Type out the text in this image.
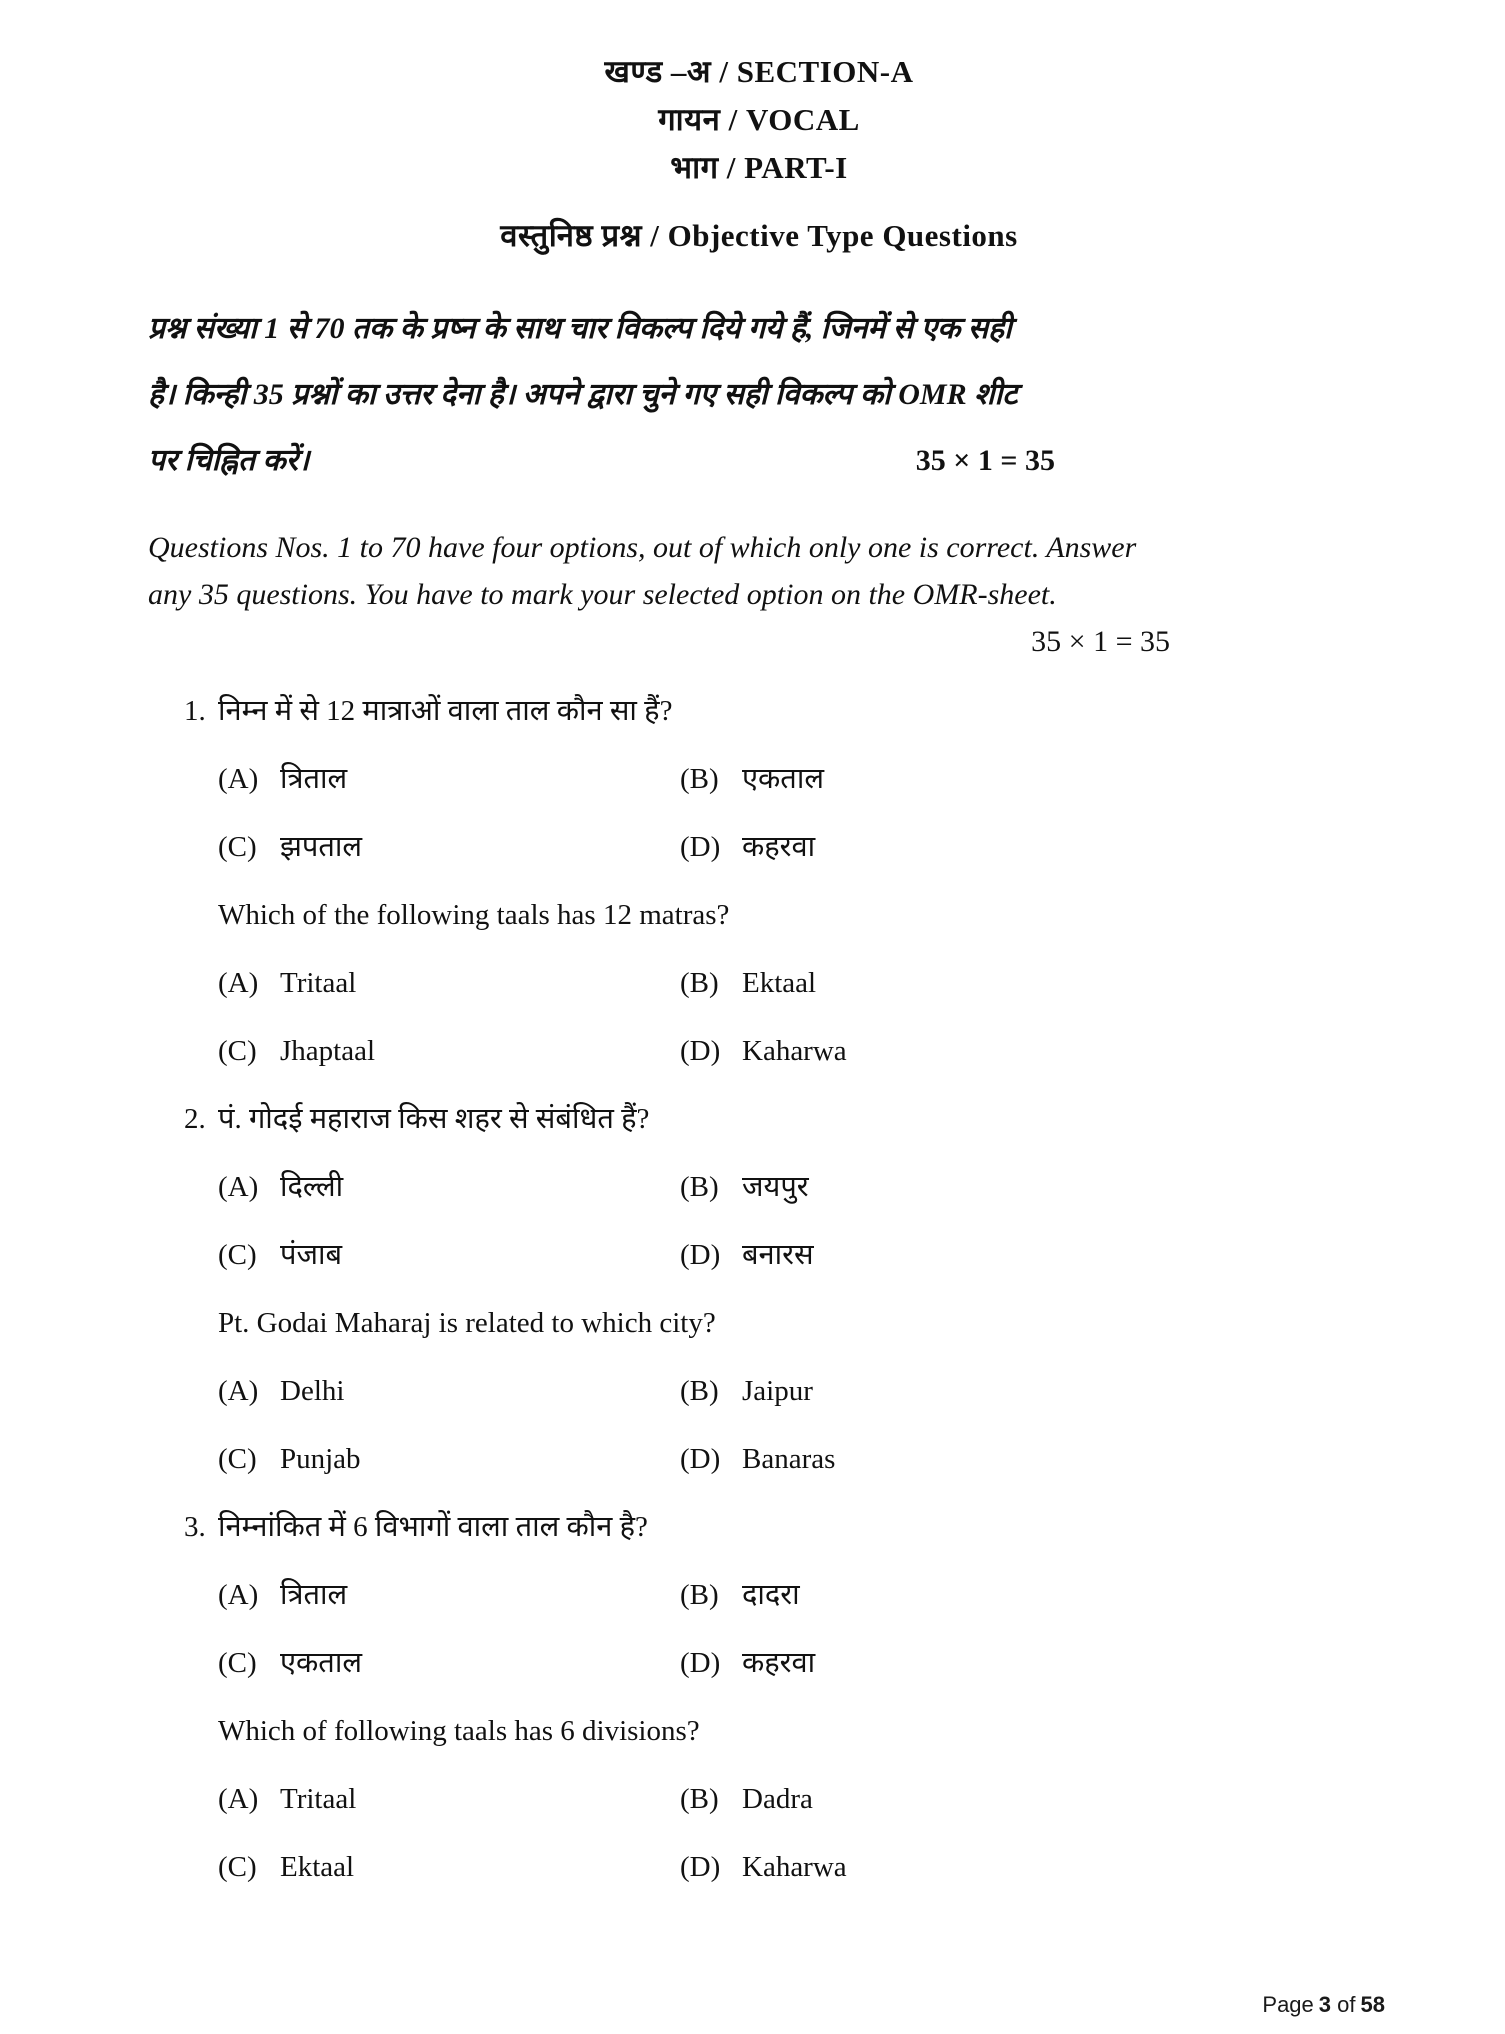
खण्ड –अ / SECTION-A
गायन / VOCAL
भाग / PART-I
वस्तुनिष्ठ प्रश्न / Objective Type Questions
प्रश्न संख्या 1 से 70 तक के प्रष्न के साथ चार विकल्प दिये गये हैं, जिनमें से एक सही
है। किन्ही 35 प्रश्नों का उत्तर देना है। अपने द्वारा चुने गए सही विकल्प को OMR शीट
पर चिह्नित करें।	35 × 1 = 35
Questions Nos. 1 to 70 have four options, out of which only one is correct. Answer
any 35 questions. You have to mark your selected option on the OMR-sheet.
35 × 1 = 35
1. निम्न में से 12 मात्राओं वाला ताल कौन सा हैं?
(A) त्रिताल	(B) एकताल
(C) झपताल	(D) कहरवा
Which of the following taals has 12 matras?
(A) Tritaal	(B) Ektaal
(C) Jhaptaal	(D) Kaharwa
2. पं. गोदई महाराज किस शहर से संबंधित हैं?
(A) दिल्ली	(B) जयपुर
(C) पंजाब	(D) बनारस
Pt. Godai Maharaj is related to which city?
(A) Delhi	(B) Jaipur
(C) Punjab	(D) Banaras
3. निम्नांकित में 6 विभागों वाला ताल कौन है?
(A) त्रिताल	(B) दादरा
(C) एकताल	(D) कहरवा
Which of following taals has 6 divisions?
(A) Tritaal	(B) Dadra
(C) Ektaal	(D) Kaharwa
Page 3 of 58
